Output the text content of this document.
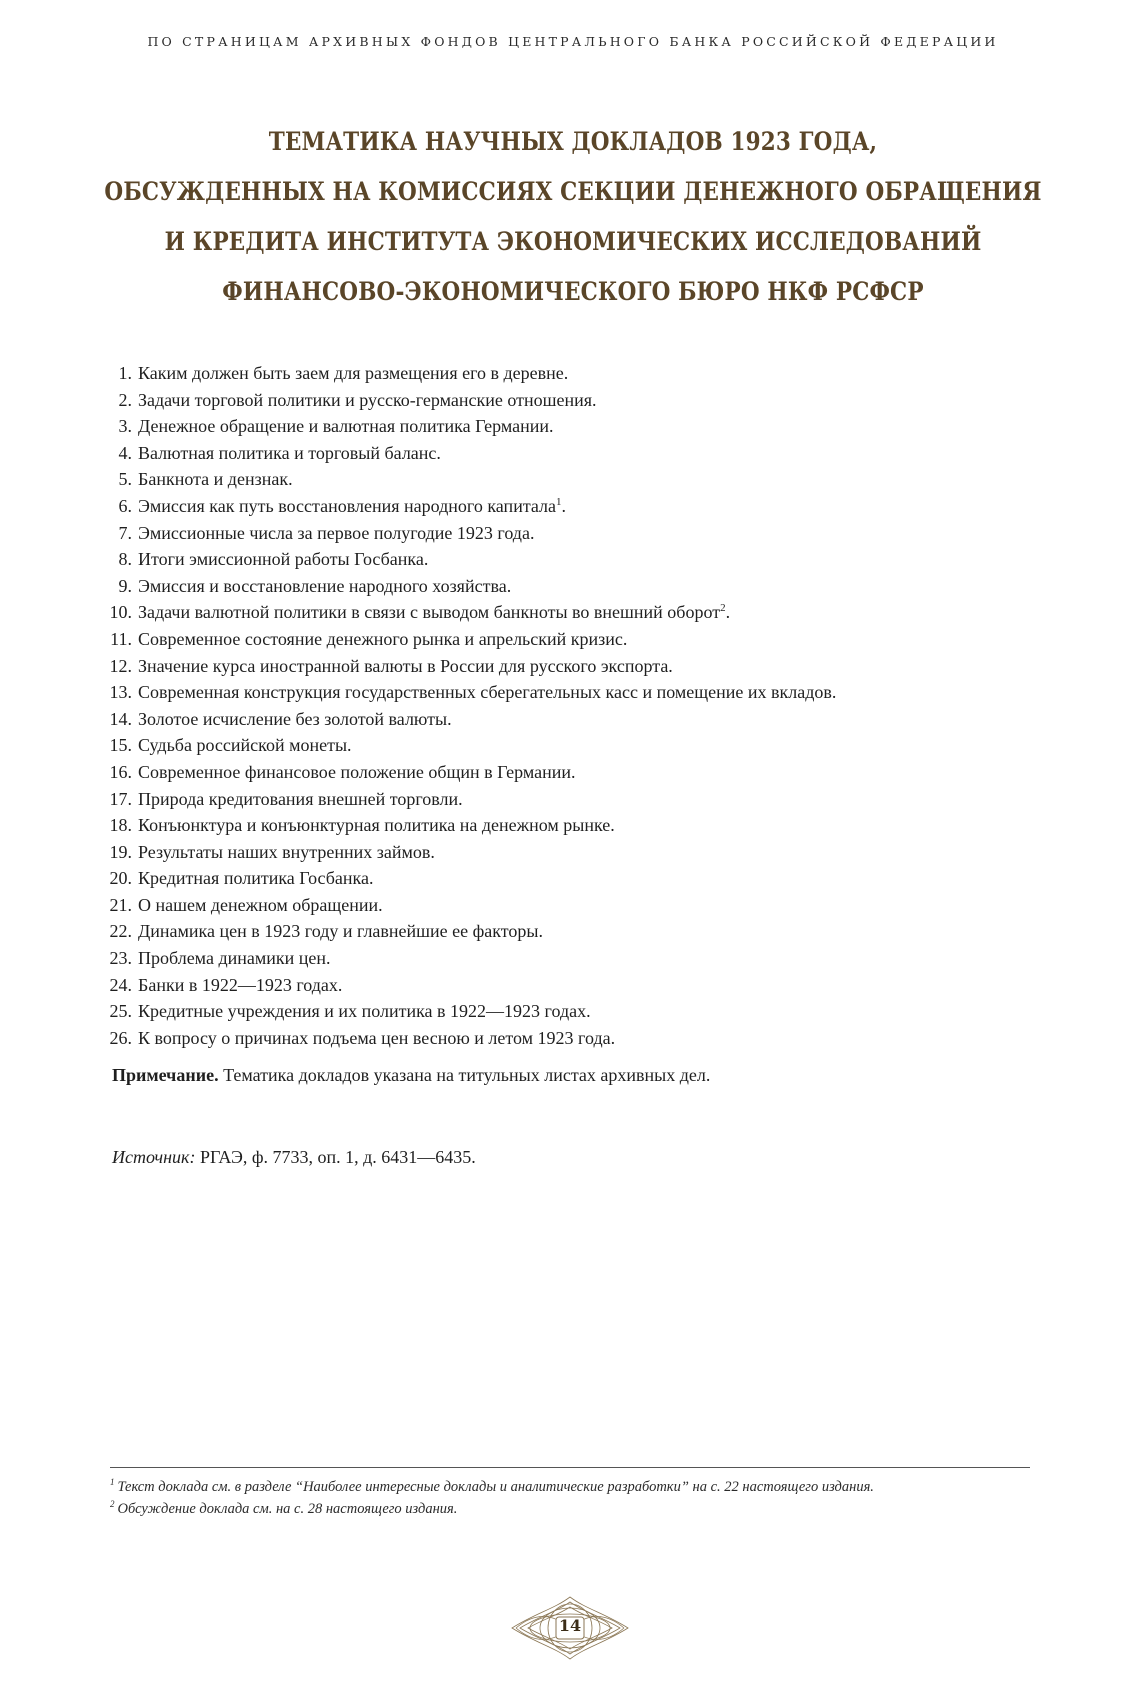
ПО СТРАНИЦАМ АРХИВНЫХ ФОНДОВ ЦЕНТРАЛЬНОГО БАНКА РОССИЙСКОЙ ФЕДЕРАЦИИ
ТЕМАТИКА НАУЧНЫХ ДОКЛАДОВ 1923 ГОДА,
ОБСУЖДЕННЫХ НА КОМИССИЯХ СЕКЦИИ ДЕНЕЖНОГО ОБРАЩЕНИЯ
И КРЕДИТА ИНСТИТУТА ЭКОНОМИЧЕСКИХ ИССЛЕДОВАНИЙ
ФИНАНСОВО-ЭКОНОМИЧЕСКОГО БЮРО НКФ РСФСР
1. Каким должен быть заем для размещения его в деревне.
2. Задачи торговой политики и русско-германские отношения.
3. Денежное обращение и валютная политика Германии.
4. Валютная политика и торговый баланс.
5. Банкнота и дензнак.
6. Эмиссия как путь восстановления народного капитала$^1$.
7. Эмиссионные числа за первое полугодие 1923 года.
8. Итоги эмиссионной работы Госбанка.
9. Эмиссия и восстановление народного хозяйства.
10. Задачи валютной политики в связи с выводом банкноты во внешний оборот$^2$.
11. Современное состояние денежного рынка и апрельский кризис.
12. Значение курса иностранной валюты в России для русского экспорта.
13. Современная конструкция государственных сберегательных касс и помещение их вкладов.
14. Золотое исчисление без золотой валюты.
15. Судьба российской монеты.
16. Современное финансовое положение общин в Германии.
17. Природа кредитования внешней торговли.
18. Конъюнктура и конъюнктурная политика на денежном рынке.
19. Результаты наших внутренних займов.
20. Кредитная политика Госбанка.
21. О нашем денежном обращении.
22. Динамика цен в 1923 году и главнейшие ее факторы.
23. Проблема динамики цен.
24. Банки в 1922—1923 годах.
25. Кредитные учреждения и их политика в 1922—1923 годах.
26. К вопросу о причинах подъема цен весною и летом 1923 года.
Примечание. Тематика докладов указана на титульных листах архивных дел.
Источник: РГАЭ, ф. 7733, оп. 1, д. 6431—6435.
$^1$ Текст доклада см. в разделе “Наиболее интересные доклады и аналитические разработки” на с. 22 настоящего издания.
$^2$ Обсуждение доклада см. на с. 28 настоящего издания.
14
